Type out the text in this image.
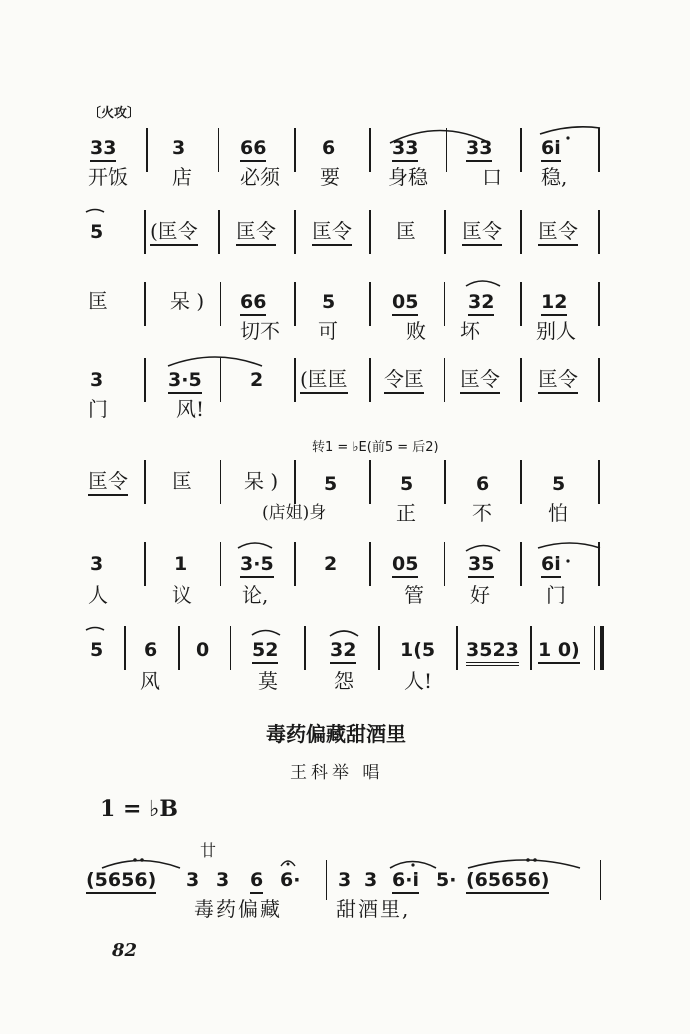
〔火攻〕
33	3	66	6	33	33	6i
开饭 店 必须 要 身稳	口 稳,
5 (匡令 匡令 匡令 匡 匡令 匡令
匡	呆 ) 66	5	05	32 12
切不 可	败 坏	别人
3	3·5	2 (匡匡 令匡 匡令 匡令
门	风!
转1 = ♭E(前5 = 后2)
匡令 匡	呆 ) 5	5	6	5
(店姐)身	正	不	怕
3	1	3·5	2	05	35 6i
人	议	论,	管 好	门
5 6 0 52	32 1(5 3523 1 0)
风	莫	怨	人!
毒药偏藏甜酒里
王科举 唱
1 = ♭B
廿
(5656) 3 3 6 6· 3 3 6·i 5· (65656)
毒药偏藏	甜酒里,
82
